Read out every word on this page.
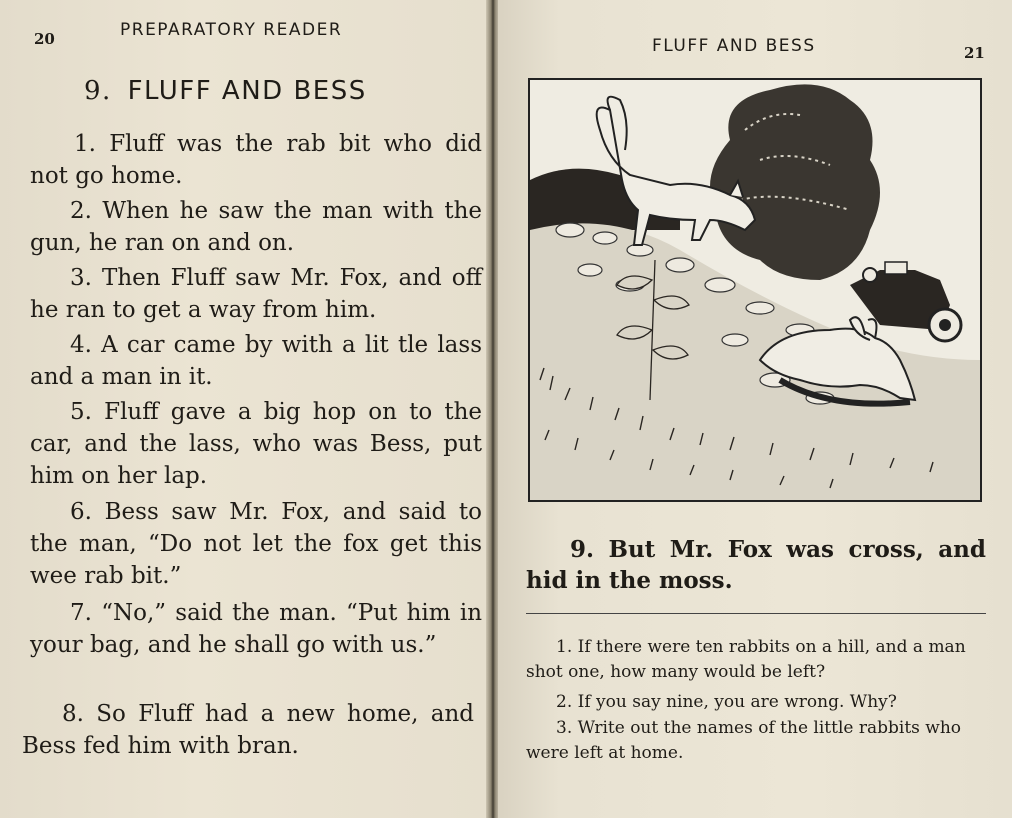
20	PREPARATORY READER
9. FLUFF AND BESS
1. Fluff was the rab bit who did not go home.
2. When he saw the man with the gun, he ran on and on.
3. Then Fluff saw Mr. Fox, and off he ran to get a way from him.
4. A car came by with a lit tle lass and a man in it.
5. Fluff gave a big hop on to the car, and the lass, who was Bess, put him on her lap.
6. Bess saw Mr. Fox, and said to the man, “Do not let the fox get this wee rab bit.”
7. “No,” said the man. “Put him in your bag, and he shall go with us.”
8. So Fluff had a new home, and Bess fed him with bran.
FLUFF AND BESS	21
9. But Mr. Fox was cross, and hid in the moss.
1. If there were ten rabbits on a hill, and a man shot one, how many would be left?
2. If you say nine, you are wrong. Why?
3. Write out the names of the little rabbits who were left at home.
